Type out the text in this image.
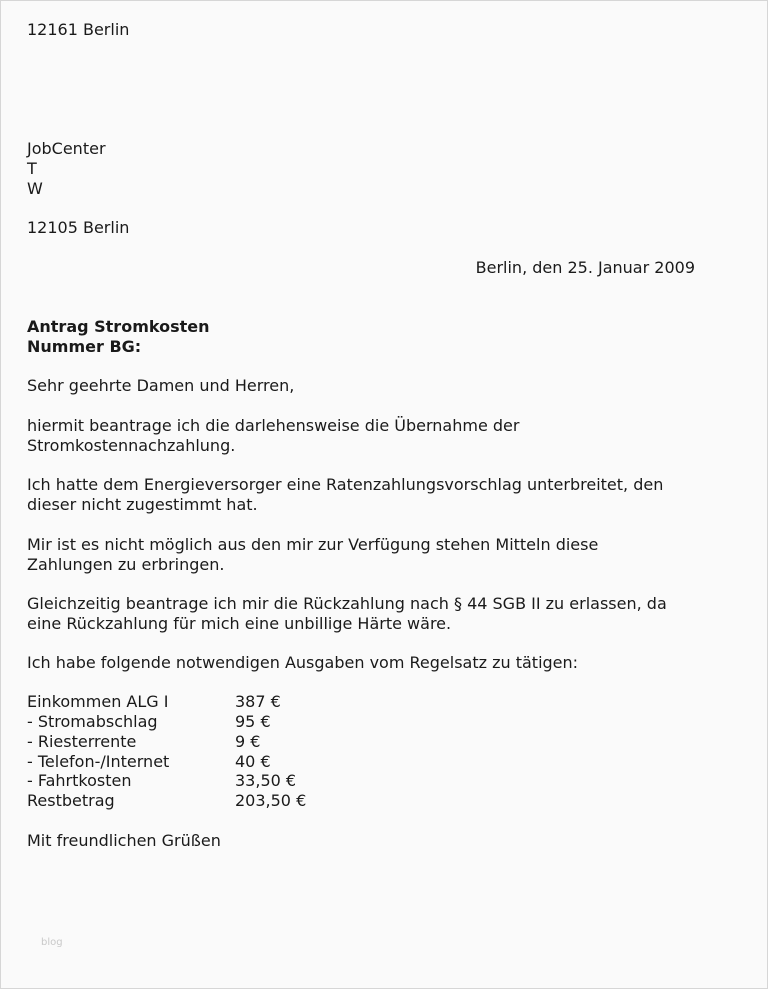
12161 Berlin
JobCenter
T
W
12105 Berlin
Berlin, den 25. Januar 2009
Antrag Stromkosten
Nummer BG:
Sehr geehrte Damen und Herren,
hiermit beantrage ich die darlehensweise die Übernahme der
Stromkostennachzahlung.
Ich hatte dem Energieversorger eine Ratenzahlungsvorschlag unterbreitet, den
dieser nicht zugestimmt hat.
Mir ist es nicht möglich aus den mir zur Verfügung stehen Mitteln diese
Zahlungen zu erbringen.
Gleichzeitig beantrage ich mir die Rückzahlung nach § 44 SGB II zu erlassen, da
eine Rückzahlung für mich eine unbillige Härte wäre.
Ich habe folgende notwendigen Ausgaben vom Regelsatz zu tätigen:
Einkommen ALG I	387 €
- Stromabschlag	95 €
- Riesterrente	9 €
- Telefon-/Internet	40 €
- Fahrtkosten	33,50 €
Restbetrag	203,50 €
Mit freundlichen Grüßen
blog
